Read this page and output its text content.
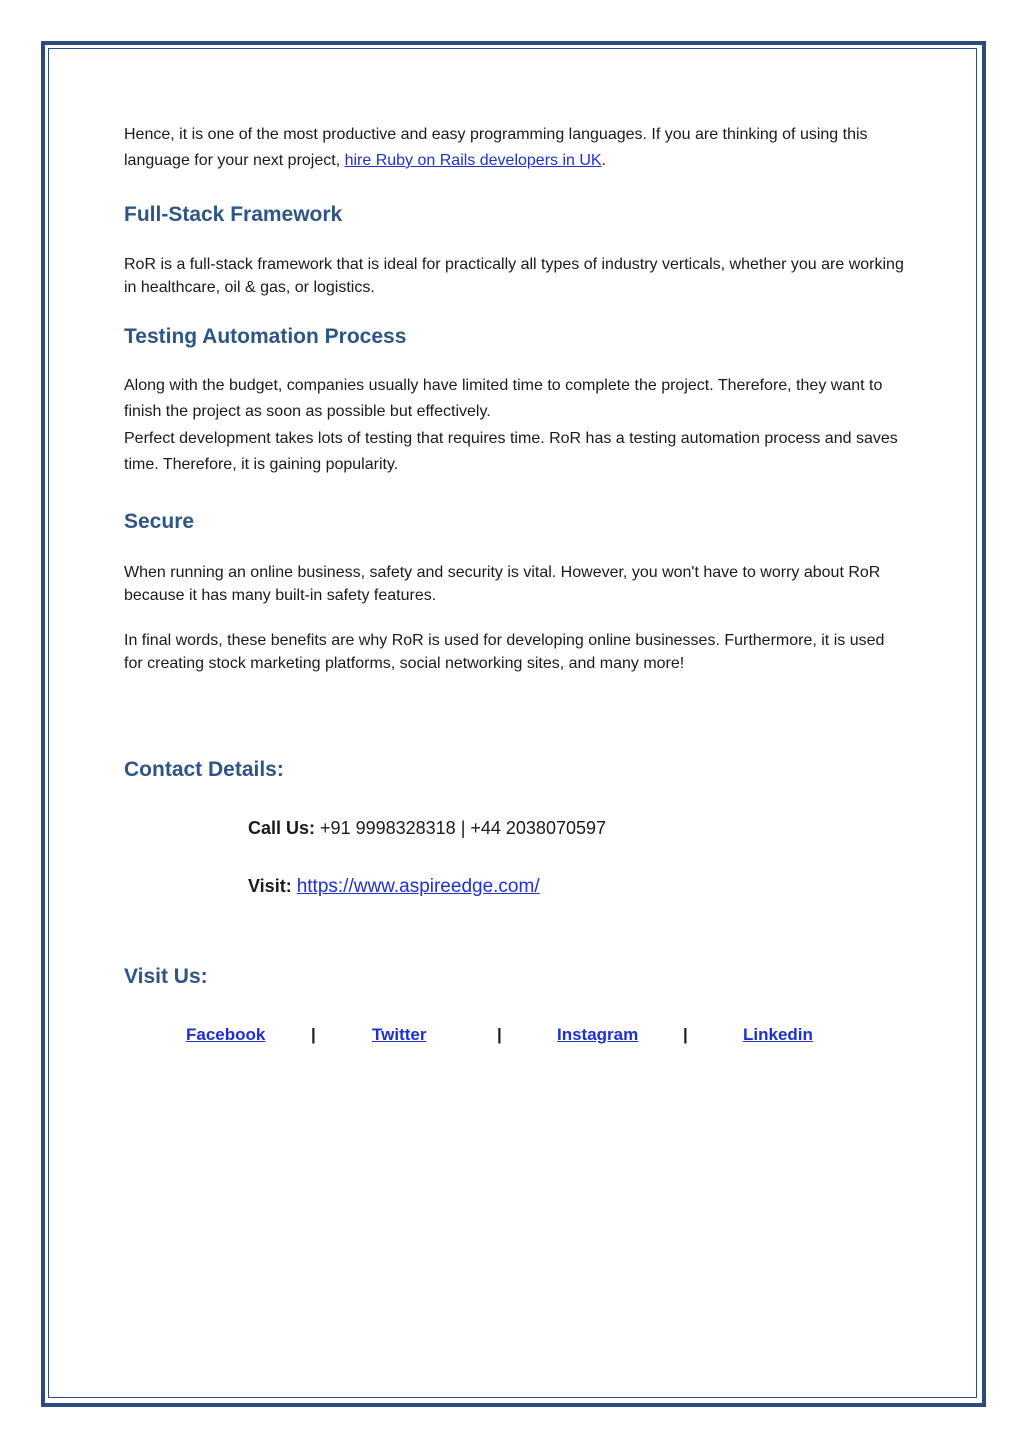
Hence, it is one of the most productive and easy programming languages. If you are thinking of using this language for your next project, hire Ruby on Rails developers in UK.

Full-Stack Framework

RoR is a full-stack framework that is ideal for practically all types of industry verticals, whether you are working in healthcare, oil & gas, or logistics.

Testing Automation Process

Along with the budget, companies usually have limited time to complete the project. Therefore, they want to finish the project as soon as possible but effectively.

Perfect development takes lots of testing that requires time. RoR has a testing automation process and saves time. Therefore, it is gaining popularity.

Secure

When running an online business, safety and security is vital. However, you won't have to worry about RoR because it has many built-in safety features.

In final words, these benefits are why RoR is used for developing online businesses. Furthermore, it is used for creating stock marketing platforms, social networking sites, and many more!

Contact Details:
Visit Us:
Call Us: +91 9998328318 | +44 2038070597
Visit: https://www.aspireedge.com/
Facebook	|	Twitter	|	Instagram	|	Linkedin
